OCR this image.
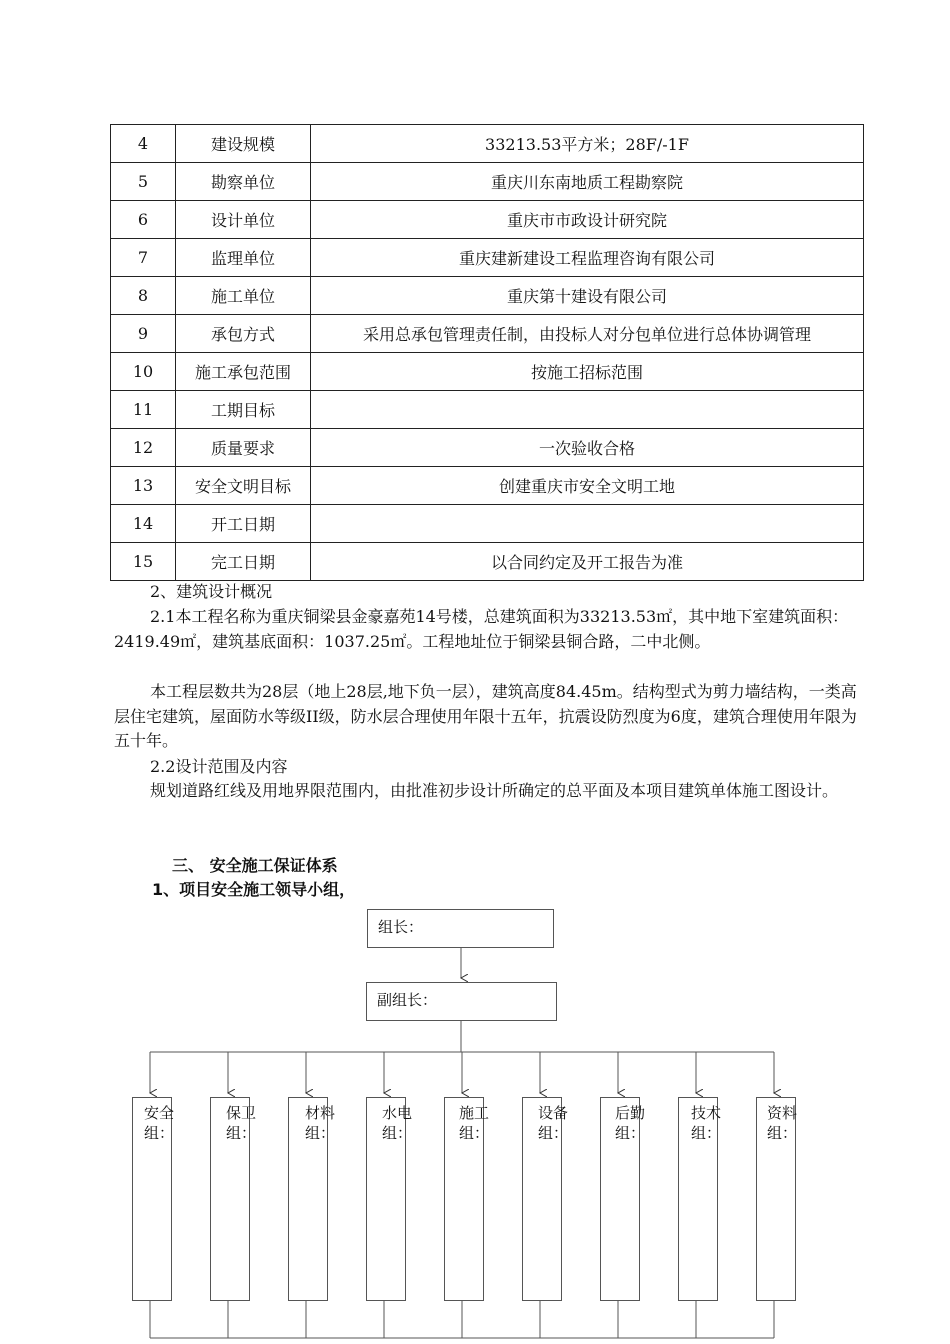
4	建设规模	33213.53平方米；28F/-1F
5	勘察单位	重庆川东南地质工程勘察院
6	设计单位	重庆市市政设计研究院
7	监理单位	重庆建新建设工程监理咨询有限公司
8	施工单位	重庆第十建设有限公司
9	承包方式	采用总承包管理责任制，由投标人对分包单位进行总体协调管理
10	施工承包范围	按施工招标范围
11	工期目标	
12	质量要求	一次验收合格
13	安全文明目标	创建重庆市安全文明工地
14	开工日期	
15	完工日期	以合同约定及开工报告为准

2、建筑设计概况

2.1本工程名称为重庆铜梁县金豪嘉苑14号楼，总建筑面积为33213.53㎡，其中地下室建筑面积：2419.49㎡，建筑基底面积：1037.25㎡。工程地址位于铜梁县铜合路，二中北侧。

本工程层数共为28层（地上28层,地下负一层），建筑高度84.45m。结构型式为剪力墙结构，一类高层住宅建筑，屋面防水等级II级，防水层合理使用年限十五年，抗震设防烈度为6度，建筑合理使用年限为五十年。

2.2设计范围及内容

规划道路红线及用地界限范围内，由批准初步设计所确定的总平面及本项目建筑单体施工图设计。

三、 安全施工保证体系

1、项目安全施工领导小组，

组长：
副组长：
安全组：
保卫组：
材料组：
水电组：
施工组：
设备组：
后勤组：
技术组：
资料组：
